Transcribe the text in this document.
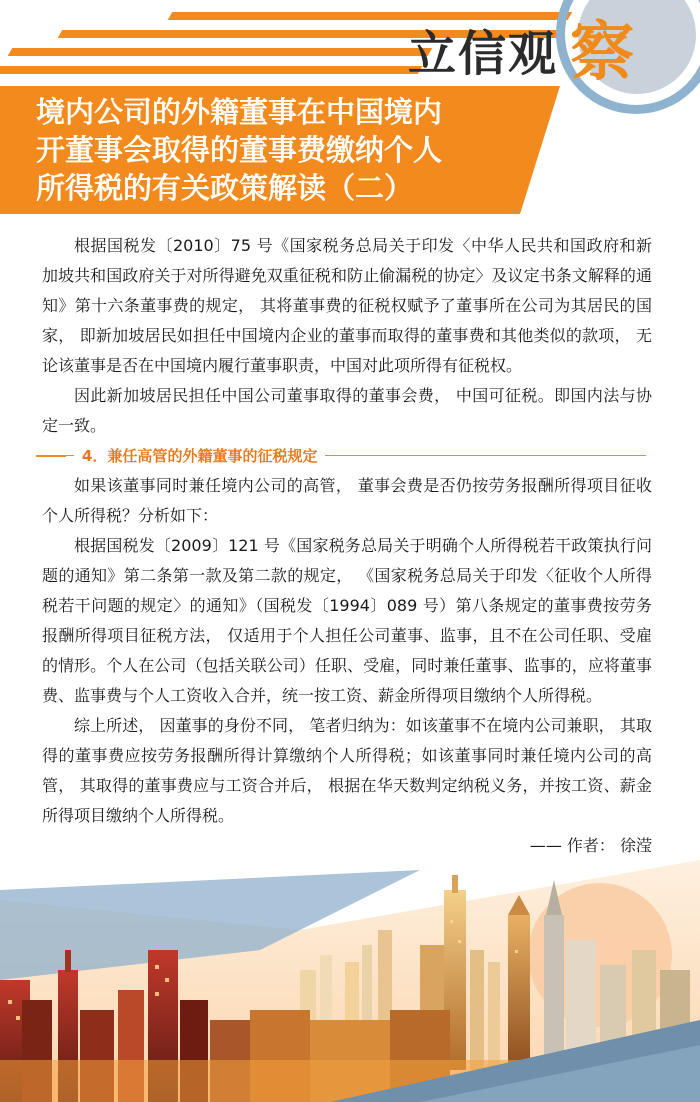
立信观 察
境内公司的外籍董事在中国境内
开董事会取得的董事费缴纳个人
所得税的有关政策解读（二）

根据国税发〔2010〕75 号《国家税务总局关于印发〈中华人民共和国政府和新加坡共和国政府关于对所得避免双重征税和防止偷漏税的协定〉及议定书条文解释的通知》第十六条董事费的规定， 其将董事费的征税权赋予了董事所在公司为其居民的国家， 即新加坡居民如担任中国境内企业的董事而取得的董事费和其他类似的款项， 无论该董事是否在中国境内履行董事职责，中国对此项所得有征税权。

因此新加坡居民担任中国公司董事取得的董事会费， 中国可征税。即国内法与协定一致。

4．兼任高管的外籍董事的征税规定

如果该董事同时兼任境内公司的高管， 董事会费是否仍按劳务报酬所得项目征收个人所得税？分析如下：

根据国税发〔2009〕121 号《国家税务总局关于明确个人所得税若干政策执行问题的通知》第二条第一款及第二款的规定， 《国家税务总局关于印发〈征收个人所得税若干问题的规定〉的通知》（国税发〔1994〕089 号）第八条规定的董事费按劳务报酬所得项目征税方法， 仅适用于个人担任公司董事、监事，且不在公司任职、受雇的情形。个人在公司（包括关联公司）任职、受雇，同时兼任董事、监事的，应将董事费、监事费与个人工资收入合并，统一按工资、薪金所得项目缴纳个人所得税。

综上所述， 因董事的身份不同， 笔者归纳为：如该董事不在境内公司兼职， 其取得的董事费应按劳务报酬所得计算缴纳个人所得税；如该董事同时兼任境内公司的高管， 其取得的董事费应与工资合并后， 根据在华天数判定纳税义务，并按工资、薪金所得项目缴纳个人所得税。

—— 作者： 徐滢
